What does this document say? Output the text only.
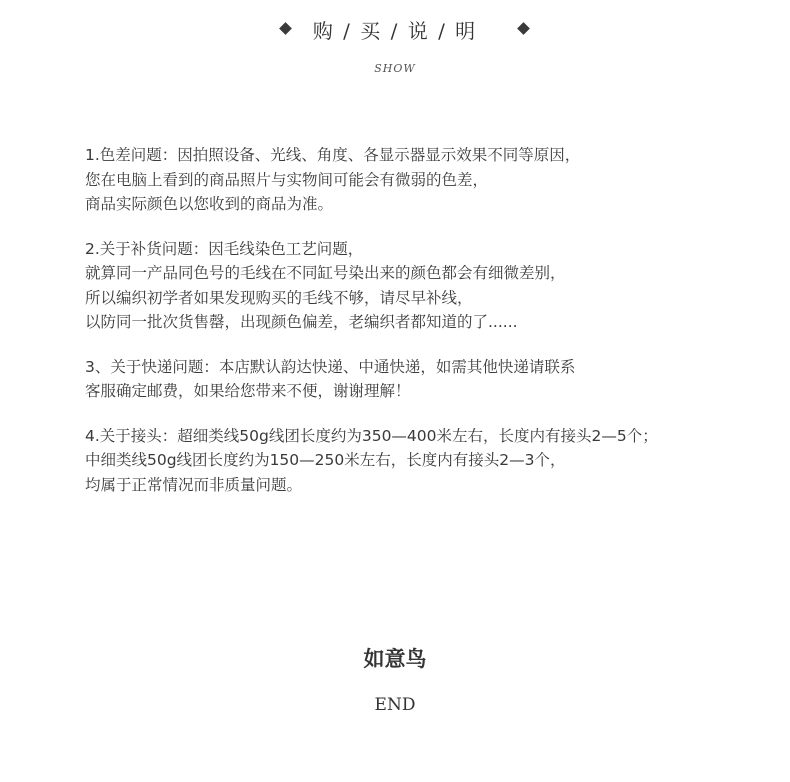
购 / 买 / 说 / 明
SHOW
1.色差问题：因拍照设备、光线、角度、各显示器显示效果不同等原因，
您在电脑上看到的商品照片与实物间可能会有微弱的色差，
商品实际颜色以您收到的商品为准。
2.关于补货问题：因毛线染色工艺问题，
就算同一产品同色号的毛线在不同缸号染出来的颜色都会有细微差别，
所以编织初学者如果发现购买的毛线不够，请尽早补线，
以防同一批次货售罄，出现颜色偏差，老编织者都知道的了......
3、关于快递问题：本店默认韵达快递、中通快递，如需其他快递请联系
客服确定邮费，如果给您带来不便，谢谢理解！
4.关于接头：超细类线50g线团长度约为350—400米左右，长度内有接头2—5个；
中细类线50g线团长度约为150—250米左右，长度内有接头2—3个，
均属于正常情况而非质量问题。
如意鸟
END
